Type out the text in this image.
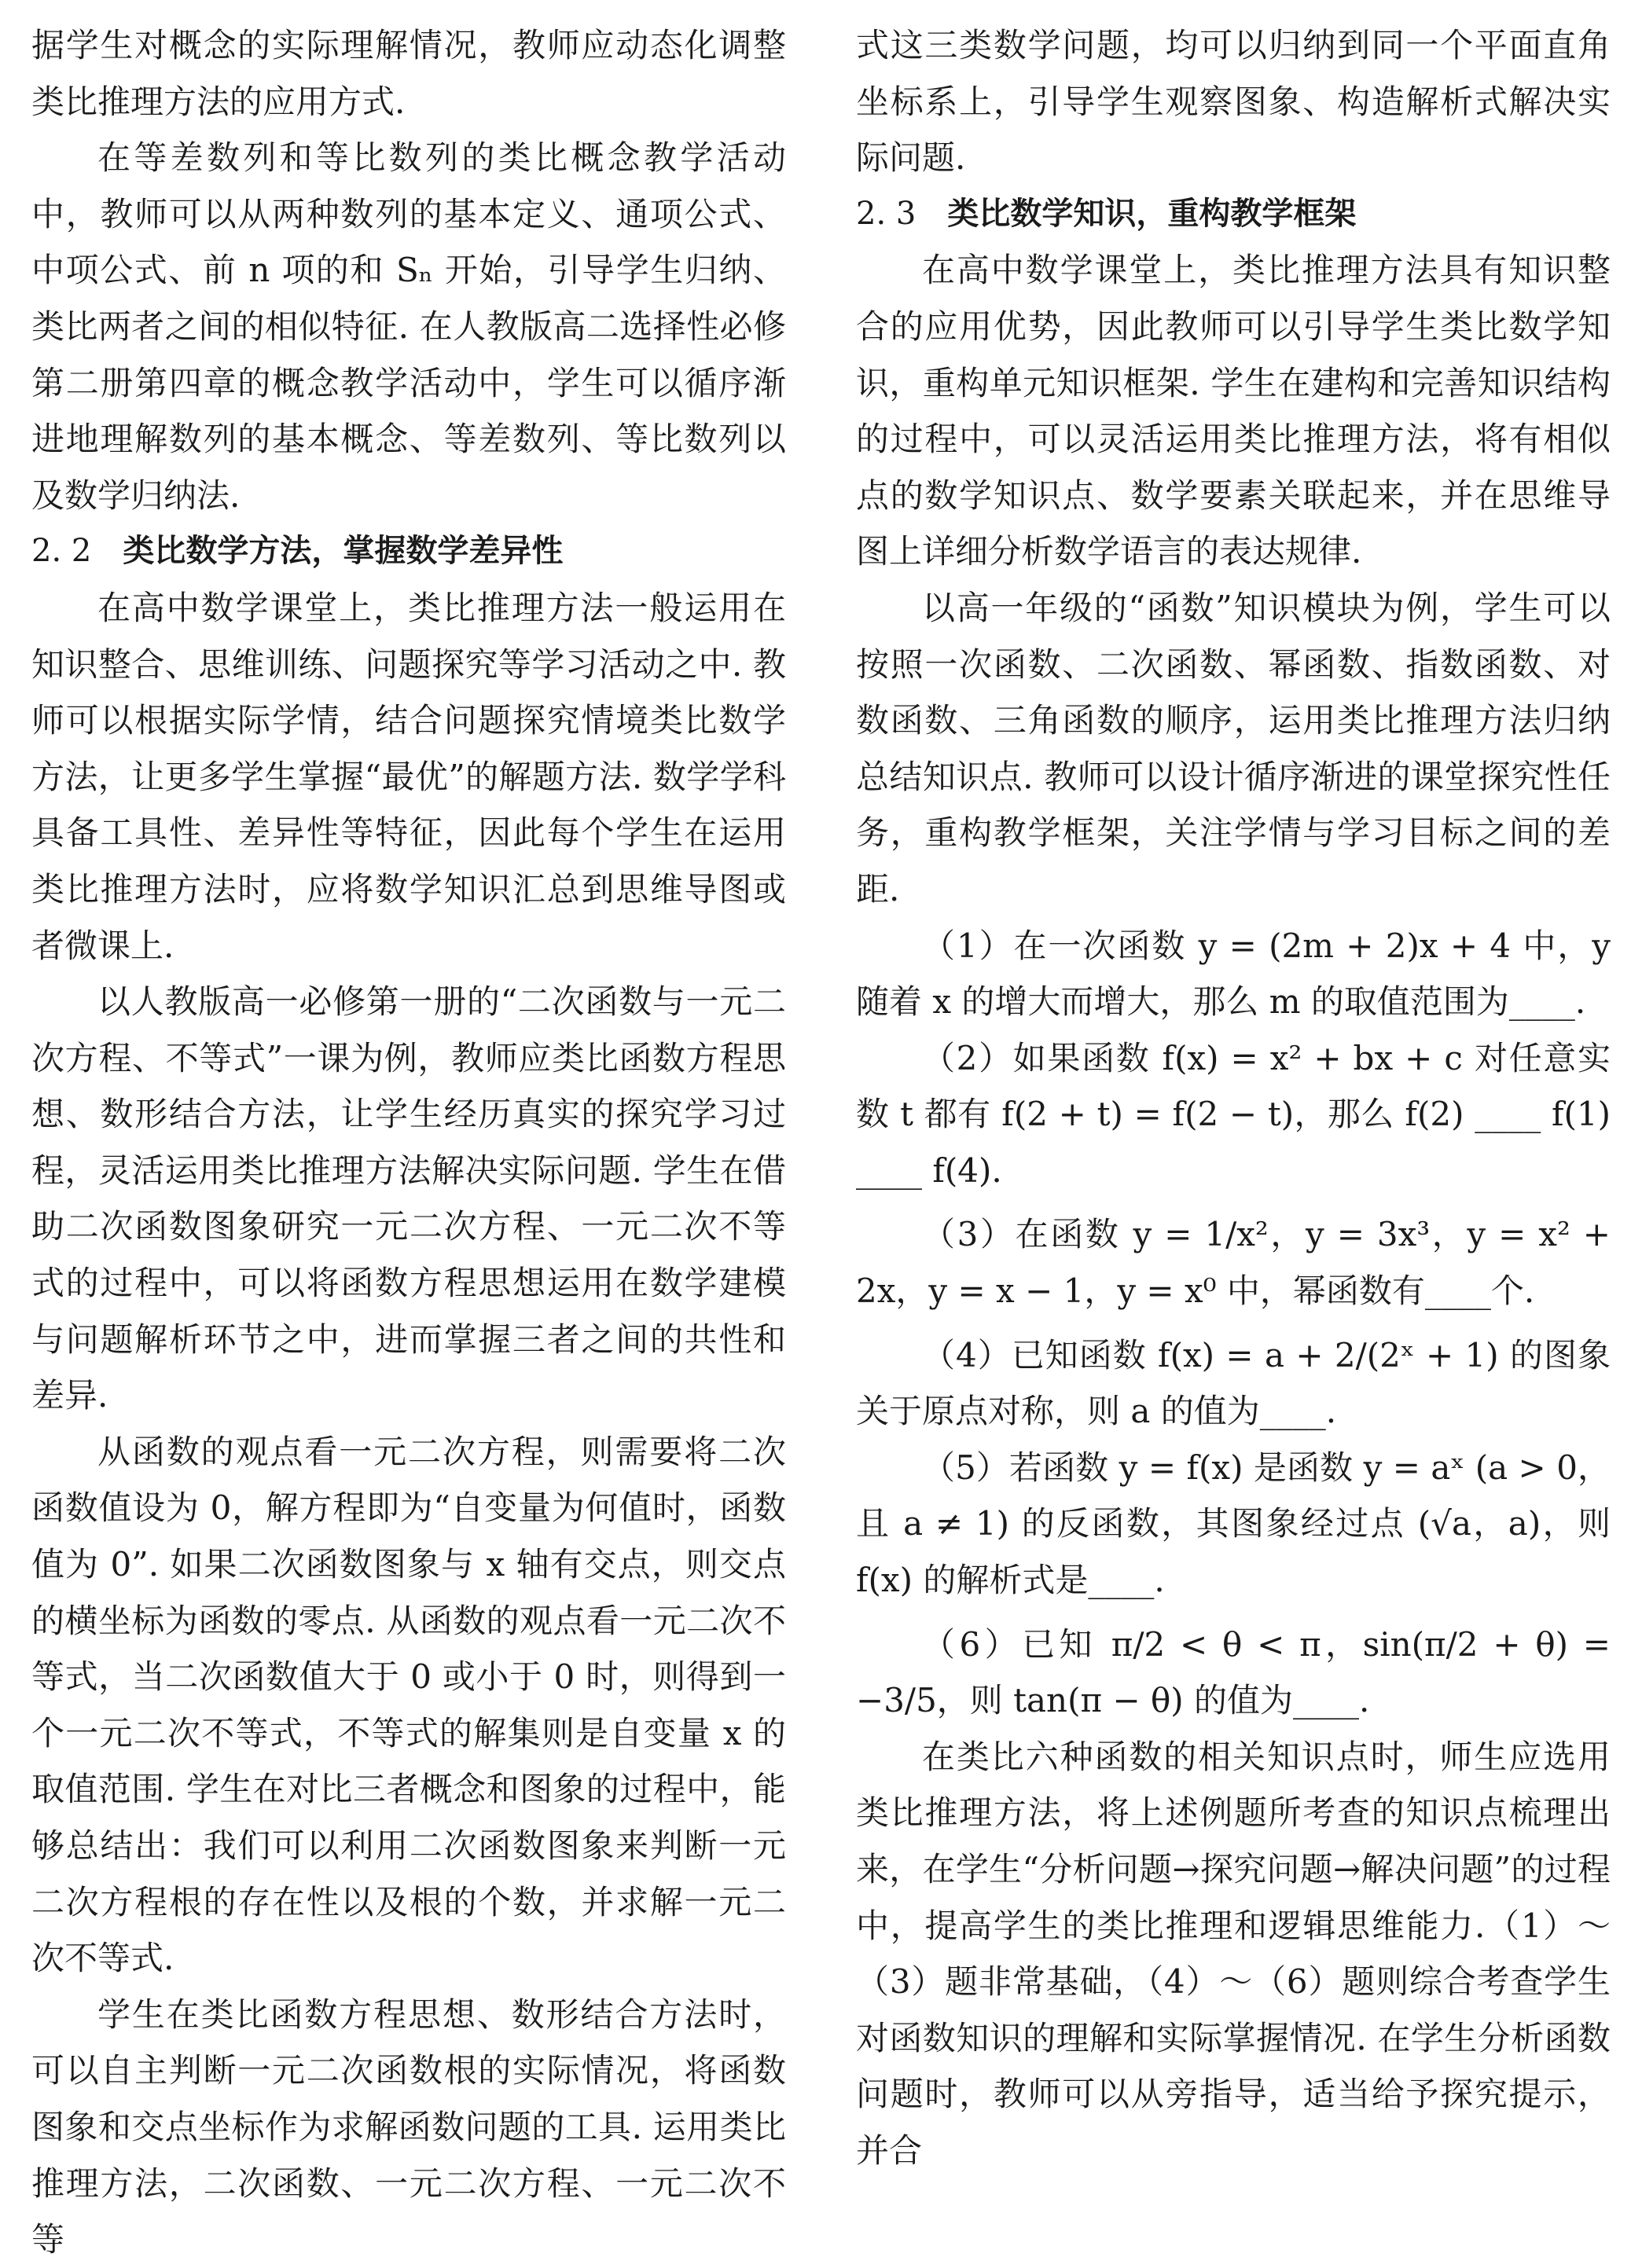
据学生对概念的实际理解情况，教师应动态化调整类比推理方法的应用方式.

在等差数列和等比数列的类比概念教学活动中，教师可以从两种数列的基本定义、通项公式、中项公式、前 n 项的和 Sₙ 开始，引导学生归纳、类比两者之间的相似特征. 在人教版高二选择性必修第二册第四章的概念教学活动中，学生可以循序渐进地理解数列的基本概念、等差数列、等比数列以及数学归纳法.

2. 2 类比数学方法，掌握数学差异性

在高中数学课堂上，类比推理方法一般运用在知识整合、思维训练、问题探究等学习活动之中. 教师可以根据实际学情，结合问题探究情境类比数学方法，让更多学生掌握“最优”的解题方法. 数学学科具备工具性、差异性等特征，因此每个学生在运用类比推理方法时，应将数学知识汇总到思维导图或者微课上.

以人教版高一必修第一册的“二次函数与一元二次方程、不等式”一课为例，教师应类比函数方程思想、数形结合方法，让学生经历真实的探究学习过程，灵活运用类比推理方法解决实际问题. 学生在借助二次函数图象研究一元二次方程、一元二次不等式的过程中，可以将函数方程思想运用在数学建模与问题解析环节之中，进而掌握三者之间的共性和差异.

从函数的观点看一元二次方程，则需要将二次函数值设为 0，解方程即为“自变量为何值时，函数值为 0”. 如果二次函数图象与 x 轴有交点，则交点的横坐标为函数的零点. 从函数的观点看一元二次不等式，当二次函数值大于 0 或小于 0 时，则得到一个一元二次不等式，不等式的解集则是自变量 x 的取值范围. 学生在对比三者概念和图象的过程中，能够总结出：我们可以利用二次函数图象来判断一元二次方程根的存在性以及根的个数，并求解一元二次不等式.

学生在类比函数方程思想、数形结合方法时，可以自主判断一元二次函数根的实际情况，将函数图象和交点坐标作为求解函数问题的工具. 运用类比推理方法，二次函数、一元二次方程、一元二次不等

式这三类数学问题，均可以归纳到同一个平面直角坐标系上，引导学生观察图象、构造解析式解决实际问题.

2. 3 类比数学知识，重构教学框架

在高中数学课堂上，类比推理方法具有知识整合的应用优势，因此教师可以引导学生类比数学知识，重构单元知识框架. 学生在建构和完善知识结构的过程中，可以灵活运用类比推理方法，将有相似点的数学知识点、数学要素关联起来，并在思维导图上详细分析数学语言的表达规律.

以高一年级的“函数”知识模块为例，学生可以按照一次函数、二次函数、幂函数、指数函数、对数函数、三角函数的顺序，运用类比推理方法归纳总结知识点. 教师可以设计循序渐进的课堂探究性任务，重构教学框架，关注学情与学习目标之间的差距.

（1）在一次函数 y = (2m + 2)x + 4 中，y 随着 x 的增大而增大，那么 m 的取值范围为____.

（2）如果函数 f(x) = x² + bx + c 对任意实数 t 都有 f(2 + t) = f(2 − t)，那么 f(2) ____ f(1) ____ f(4).

（3）在函数 y = 1/x²，y = 3x³，y = x² + 2x，y = x − 1，y = x⁰ 中，幂函数有____个.

（4）已知函数 f(x) = a + 2/(2ˣ + 1) 的图象关于原点对称，则 a 的值为____.

（5）若函数 y = f(x) 是函数 y = aˣ (a > 0，且 a ≠ 1) 的反函数，其图象经过点 (√a，a)，则 f(x) 的解析式是____.

（6）已知 π/2 < θ < π，sin(π/2 + θ) = −3/5，则 tan(π − θ) 的值为____.

在类比六种函数的相关知识点时，师生应选用类比推理方法，将上述例题所考查的知识点梳理出来，在学生“分析问题→探究问题→解决问题”的过程中，提高学生的类比推理和逻辑思维能力.（1）～（3）题非常基础，（4）～（6）题则综合考查学生对函数知识的理解和实际掌握情况. 在学生分析函数问题时，教师可以从旁指导，适当给予探究提示，并合
